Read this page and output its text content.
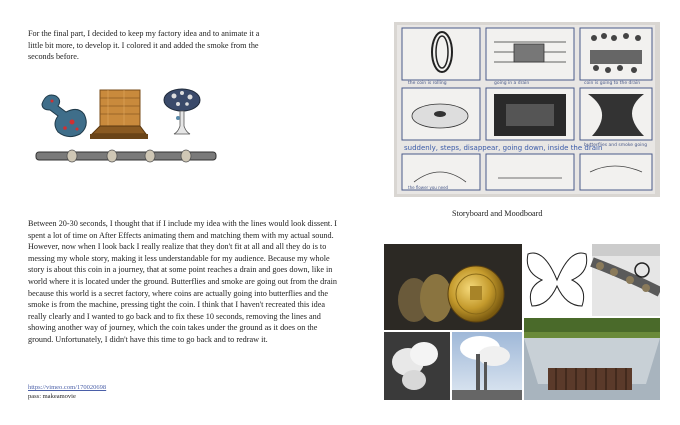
For the final part, I decided to keep my factory idea and to animate it a little bit more, to develop it. I colored it and added the smoke from the seconds before.
Between 20-30 seconds, I thought that if I include my idea with the lines would look dissent. I spent a lot of time on After Effects animating them and matching them with my actual sound. However, now when I look back I really realize that they don't fit at all and all they do is to messing my whole story, making it less understandable for my audience. Because my whole story is about this coin in a journey, that at some point reaches a drain and goes down, like in world where it is located under the ground. Butterflies and smoke are going out from the drain because this world is a secret factory, where coins are actually going into butterflies and the smoke is from the machine, pressing tight the coin. I think that I haven't recreated this idea really clearly and I wanted to go back and to fix these 10 seconds, removing the lines and showing another way of journey, which the coin takes under the ground as it does on the ground. Unfortunately, I didn't have this time to go back and to redraw it.
https://vimeo.com/170020698
pass: makeamovie
the coin is rolling	going in a drain	coin is going to the drain
suddenly, steps, disappear, going down, inside the drain
butterflies and smoke going
the flower you need
Storyboard and Moodboard
